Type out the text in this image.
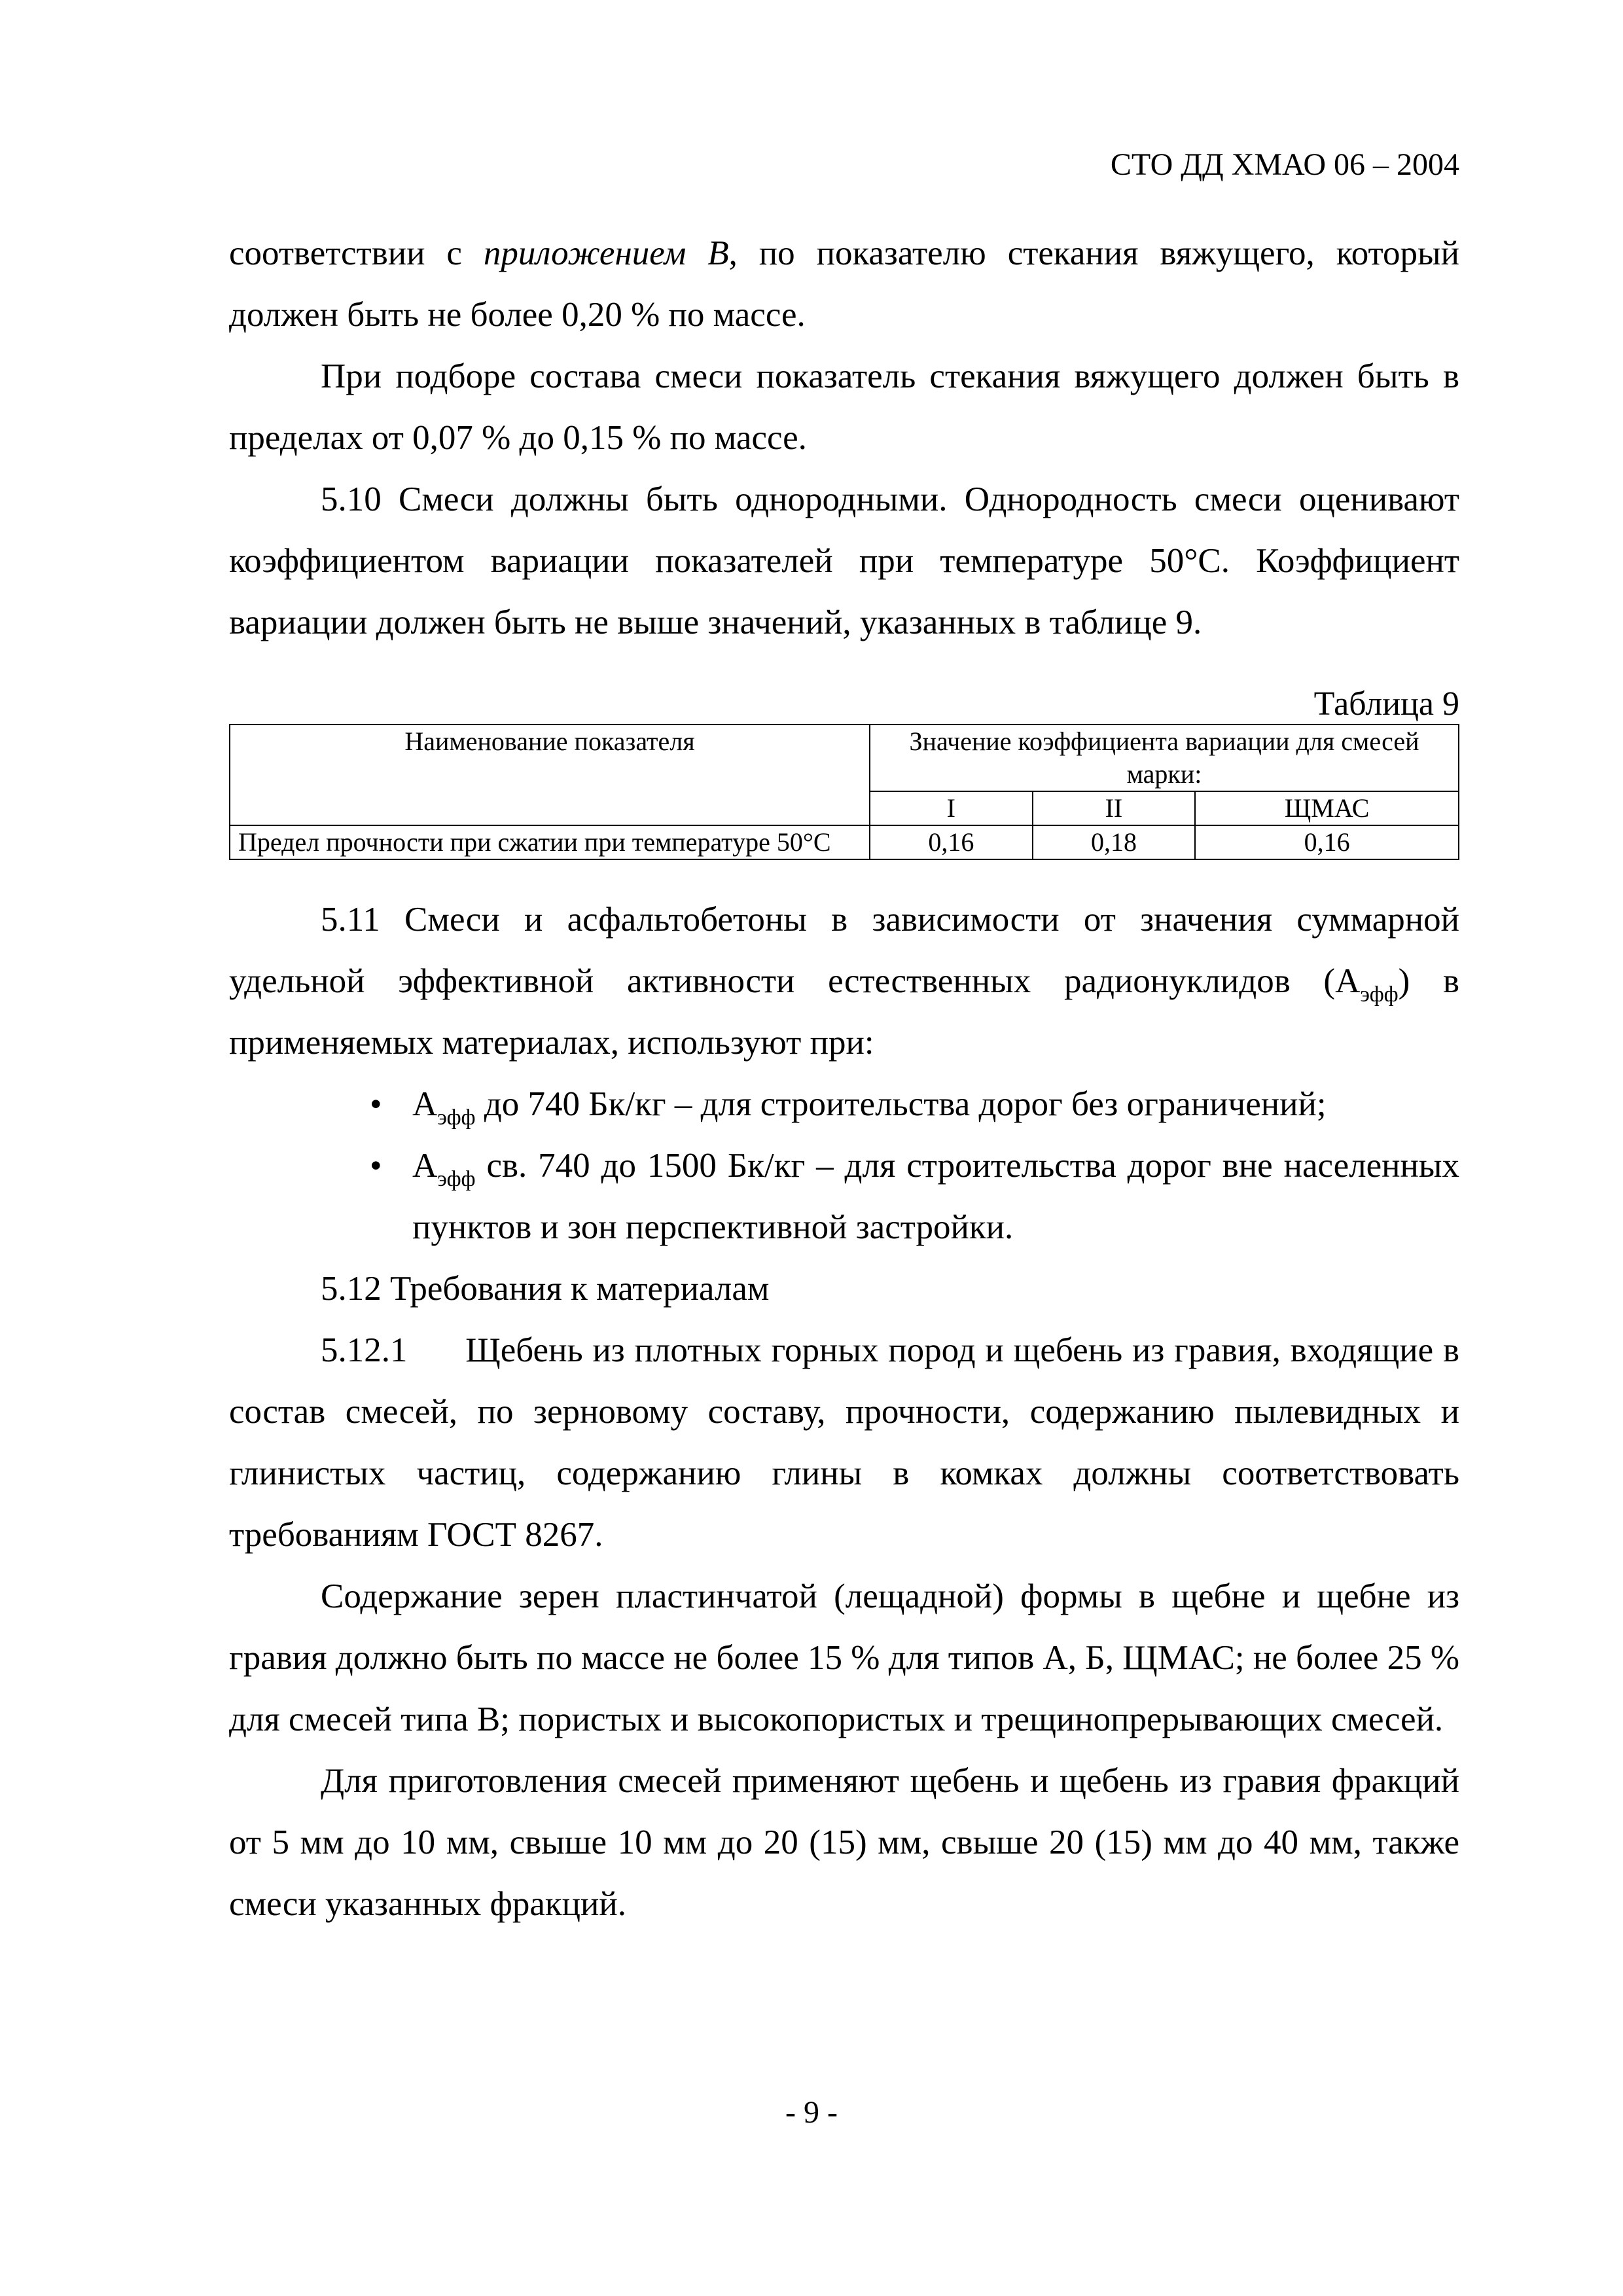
СТО ДД ХМАО 06 – 2004

соответствии с приложением В, по показателю стекания вяжущего, который должен быть не более 0,20 % по массе.

При подборе состава смеси показатель стекания вяжущего должен быть в пределах от 0,07 % до 0,15 % по массе.

5.10 Смеси должны быть однородными. Однородность смеси оценивают коэффициентом вариации показателей при температуре 50°С. Коэффициент вариации должен быть не выше значений, указанных в таблице 9.

Таблица 9
Наименование показателя	Значение коэффициента вариации для смесей марки:		
	I	II	ЩМАС
Предел прочности при сжатии при температуре 50°С	0,16	0,18	0,16

5.11 Смеси и асфальтобетоны в зависимости от значения суммарной удельной эффективной активности естественных радионуклидов $(А_{эфф})$ в применяемых материалах, используют при:

• $А_{эфф}$ до 740 Бк/кг – для строительства дорог без ограничений;
• $А_{эфф}$ св. 740 до 1500 Бк/кг – для строительства дорог вне населенных пунктов и зон перспективной застройки.

5.12 Требования к материалам

5.12.1      Щебень из плотных горных пород и щебень из гравия, входящие в состав смесей, по зерновому составу, прочности, содержанию пылевидных и глинистых частиц, содержанию глины в комках должны соответствовать требованиям ГОСТ 8267.

Содержание зерен пластинчатой (лещадной) формы в щебне и щебне из гравия должно быть по массе не более 15 % для типов А, Б, ЩМАС; не более 25 % для смесей типа В; пористых и высокопористых и трещинопрерывающих смесей.

Для приготовления смесей применяют щебень и щебень из гравия фракций от 5 мм до 10 мм, свыше 10 мм до 20 (15) мм, свыше 20 (15) мм до 40 мм, также смеси указанных фракций.

- 9 -
